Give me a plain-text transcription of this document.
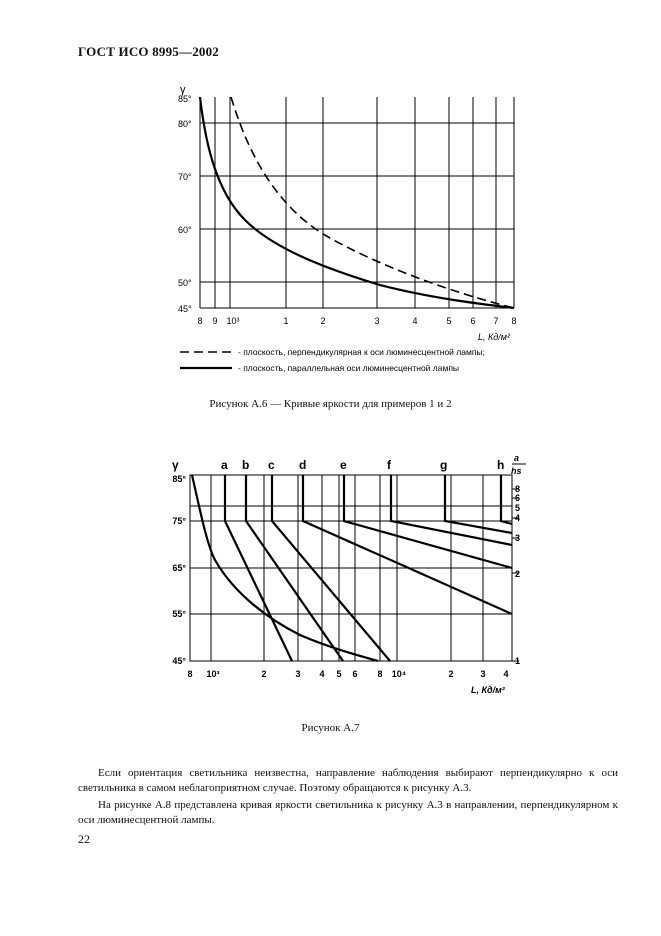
ГОСТ ИСО 8995—2002
γ
85°
80°
70°
60°
50°
45°
8 9 10³	1	2	3	4	5 6 7 8
L, Кд/м²
- плоскость, перпендикулярная к оси люминесцентной лампы;
- плоскость, параллельная оси люминесцентной лампы
Рисунок А.6 — Кривые яркости для примеров 1 и 2
γ	a b c d	e	f	g	h a
hs
8
6
5
4
3
2
1
85°
75°
65°
55°
45°
8 10³	2	3 4 5 6 8 10⁴	2	3 4
L, Кд/м²
Рисунок А.7
Если ориентация светильника неизвестна, направление наблюдения выбирают перпендикулярно к оси светильника в самом неблагоприятном случае. Поэтому обращаются к рисунку А.3.
На рисунке А.8 представлена кривая яркости светильника к рисунку А.3 в направлении, перпендикулярном к оси люминесцентной лампы.
22
